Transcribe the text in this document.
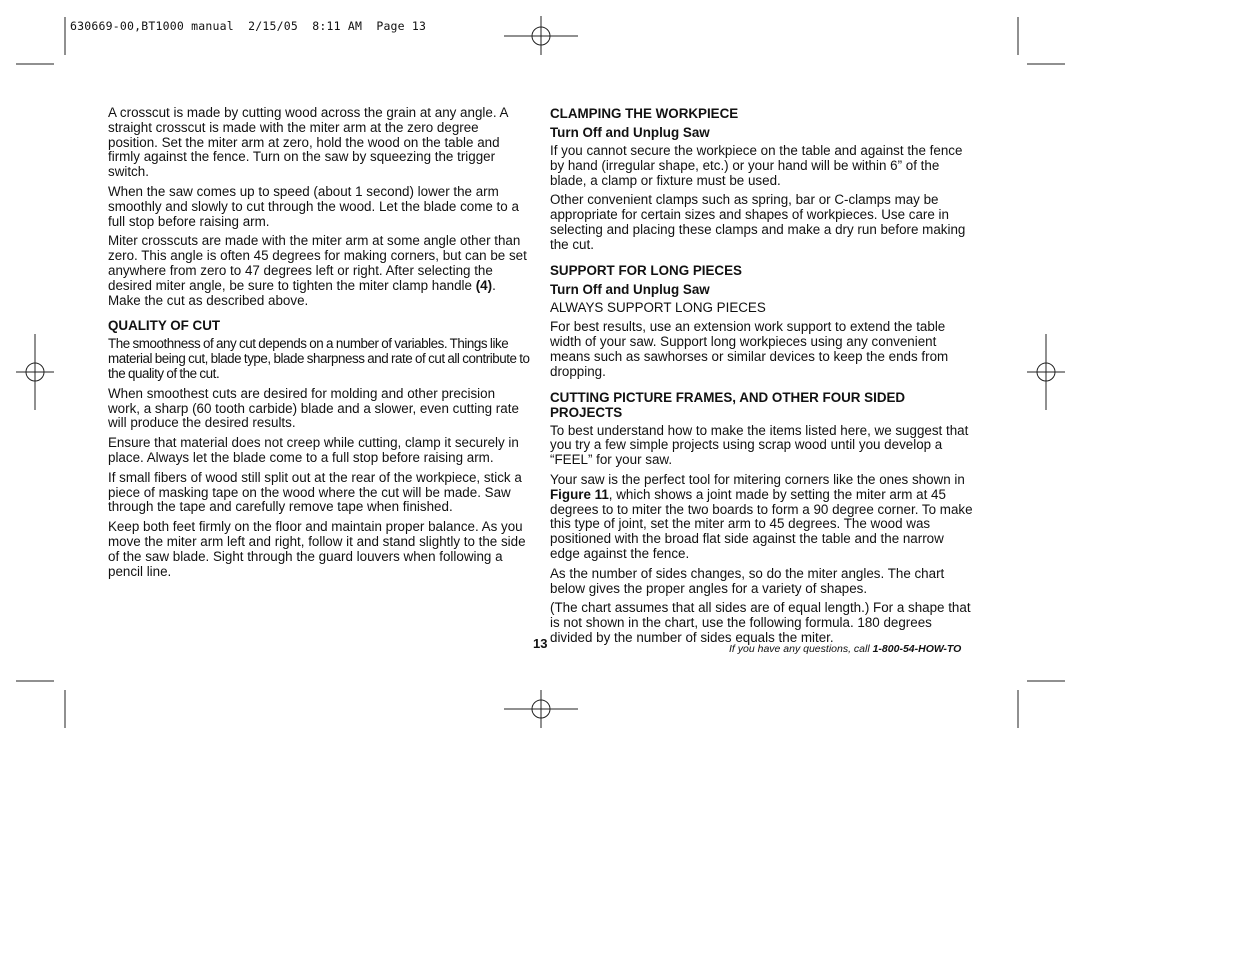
630669-00,BT1000 manual  2/15/05  8:11 AM  Page 13

A crosscut is made by cutting wood across the grain at any angle. A straight crosscut is made with the miter arm at the zero degree position. Set the miter arm at zero, hold the wood on the table and firmly against the fence. Turn on the saw by squeezing the trigger switch.

When the saw comes up to speed (about 1 second) lower the arm smoothly and slowly to cut through the wood. Let the blade come to a full stop before raising arm.

Miter crosscuts are made with the miter arm at some angle other than zero. This angle is often 45 degrees for making corners, but can be set anywhere from zero to 47 degrees left or right. After selecting the desired miter angle, be sure to tighten the miter clamp handle (4). Make the cut as described above.

QUALITY OF CUT

The smoothness of any cut depends on a number of variables. Things like material being cut, blade type, blade sharpness and rate of cut all contribute to the quality of the cut.

When smoothest cuts are desired for molding and other precision work, a sharp (60 tooth carbide) blade and a slower, even cutting rate will produce the desired results.

Ensure that material does not creep while cutting, clamp it securely in place. Always let the blade come to a full stop before raising arm.

If small fibers of wood still split out at the rear of the workpiece, stick a piece of masking tape on the wood where the cut will be made. Saw through the tape and carefully remove tape when finished.

Keep both feet firmly on the floor and maintain proper balance. As you move the miter arm left and right, follow it and stand slightly to the side of the saw blade. Sight through the guard louvers when following a pencil line.

CLAMPING THE WORKPIECE
Turn Off and Unplug Saw

If you cannot secure the workpiece on the table and against the fence by hand (irregular shape, etc.) or your hand will be within 6” of the blade, a clamp or fixture must be used.

Other convenient clamps such as spring, bar or C-clamps may be appropriate for certain sizes and shapes of workpieces. Use care in selecting and placing these clamps and make a dry run before making the cut.

SUPPORT FOR LONG PIECES
Turn Off and Unplug Saw

ALWAYS SUPPORT LONG PIECES

For best results, use an extension work support to extend the table width of your saw. Support long workpieces using any convenient means such as sawhorses or similar devices to keep the ends from dropping.

CUTTING PICTURE FRAMES, AND OTHER FOUR SIDED PROJECTS

To best understand how to make the items listed here, we suggest that you try a few simple projects using scrap wood until you develop a “FEEL” for your saw.

Your saw is the perfect tool for mitering corners like the ones shown in Figure 11, which shows a joint made by setting the miter arm at 45 degrees to to miter the two boards to form a 90 degree corner. To make this type of joint, set the miter arm to 45 degrees. The wood was positioned with the broad flat side against the table and the narrow edge against the fence.

As the number of sides changes, so do the miter angles. The chart below gives the proper angles for a variety of shapes.

(The chart assumes that all sides are of equal length.) For a shape that is not shown in the chart, use the following formula. 180 degrees divided by the number of sides equals the miter.

13	If you have any questions, call 1-800-54-HOW-TO
